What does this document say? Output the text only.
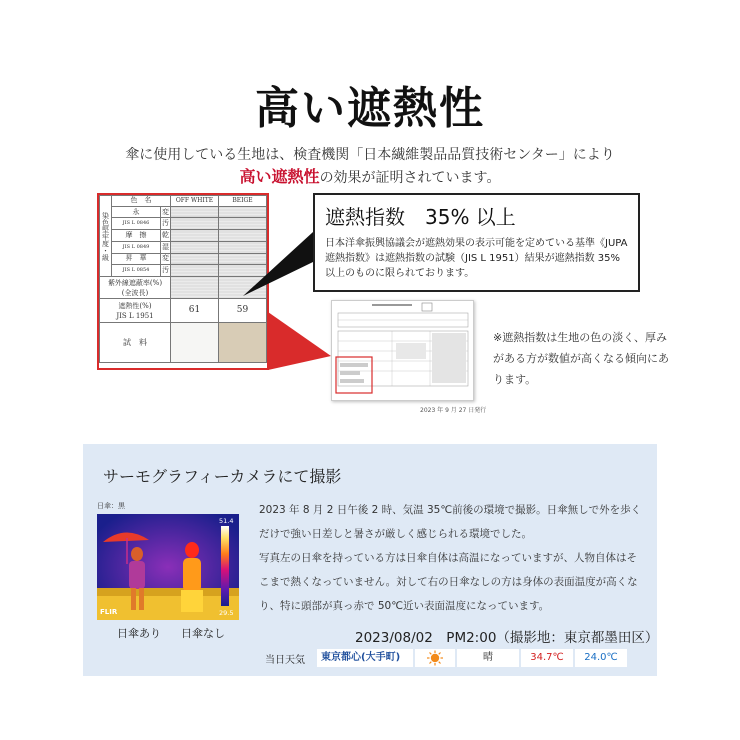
高い遮熱性
傘に使用している生地は、検査機関「日本繊維製品品質技術センター」により
高い遮熱性の効果が証明されています。
染色堅牢度・級	色　名		OFF WHITE	BEIGE
	永	変		
	JIS L 0846	汚		
	摩　擦	乾		
	JIS L 0849	湿		
	昇　華	変		
	JIS L 0854	汚		

紫外線遮蔽率(%)
(全波長)				

遮熱性(%)
JIS L 1951			61	59
試　料				
遮熱指数　35% 以上
日本洋傘振興協議会が遮熱効果の表示可能を定めている基準《JUPA 遮熱指数》は遮熱指数の試験（JIS L 1951）結果が遮熱指数 35%以上のものに限られております。
2023 年 9 月 27 日発行
※遮熱指数は生地の色の淡く、厚みがある方が数値が高くなる傾向にあります。
サーモグラフィーカメラにて撮影
日傘：黒
51.4
29.5
FLIR
日傘あり 日傘なし
2023 年 8 月 2 日午後 2 時、気温 35℃前後の環境で撮影。日傘無しで外を歩くだけで強い日差しと暑さが厳しく感じられる環境でした。
写真左の日傘を持っている方は日傘自体は高温になっていますが、人物自体はそこまで熱くなっていません。対して右の日傘なしの方は身体の表面温度が高くなり、特に頭部が真っ赤で 50℃近い表面温度になっています。
2023/08/02　PM2:00（撮影地：東京都墨田区）
当日天気	東京都心(大手町)	晴	34.7℃	24.0℃
